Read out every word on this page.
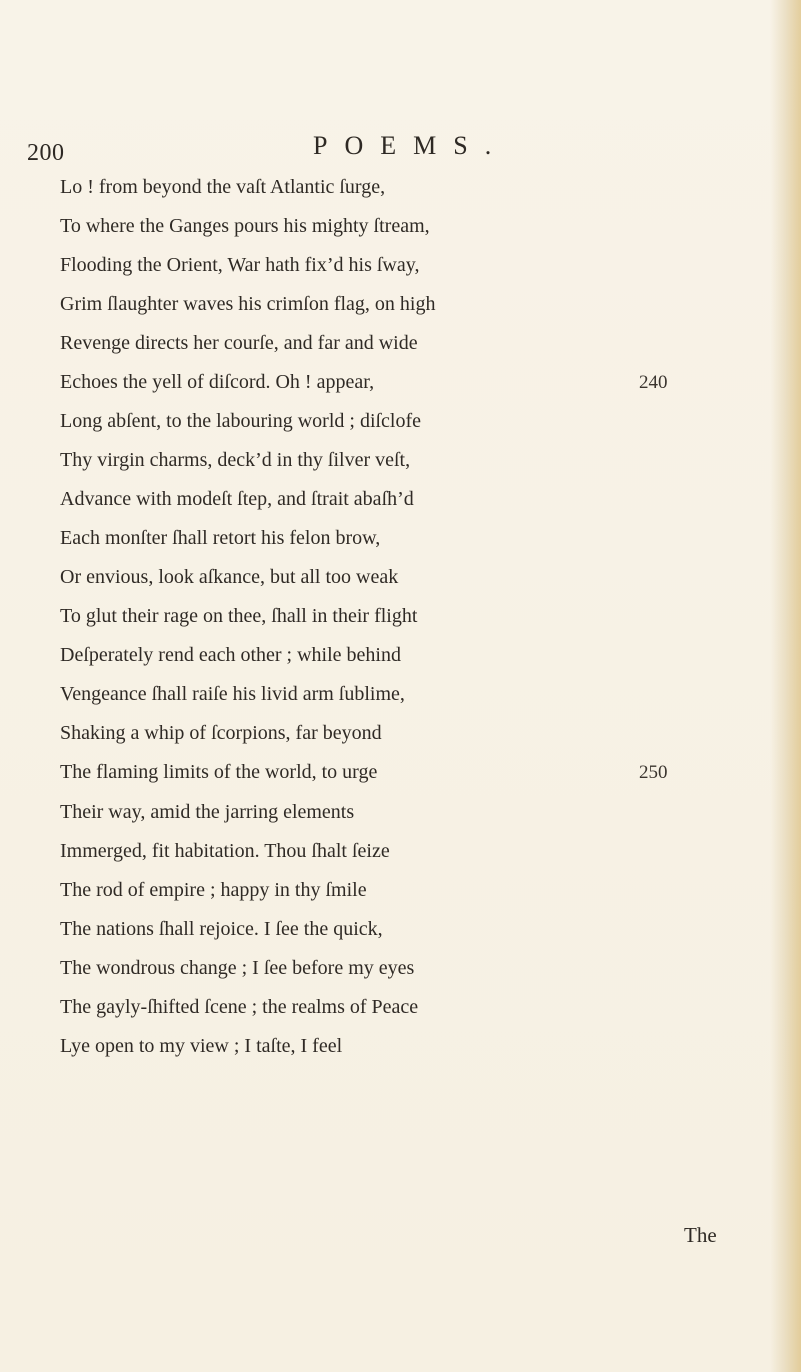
200	POEMS.
Lo ! from beyond the vaſt Atlantic ſurge,
To where the Ganges pours his mighty ſtream,
Flooding the Orient, War hath fix’d his ſway,
Grim ſlaughter waves his crimſon flag, on high
Revenge directs her courſe, and far and wide
Echoes the yell of diſcord. Oh ! appear,	240
Long abſent, to the labouring world ; diſclofe
Thy virgin charms, deck’d in thy ſilver veſt,
Advance with modeſt ſtep, and ſtrait abaſh’d
Each monſter ſhall retort his felon brow,
Or envious, look aſkance, but all too weak
To glut their rage on thee, ſhall in their flight
Deſperately rend each other ; while behind
Vengeance ſhall raiſe his livid arm ſublime,
Shaking a whip of ſcorpions, far beyond
The flaming limits of the world, to urge	250
Their way, amid the jarring elements
Immerged, fit habitation. Thou ſhalt ſeize
The rod of empire ; happy in thy ſmile
The nations ſhall rejoice. I ſee the quick,
The wondrous change ; I ſee before my eyes
The gayly-ſhifted ſcene ; the realms of Peace
Lye open to my view ; I taſte, I feel
The
